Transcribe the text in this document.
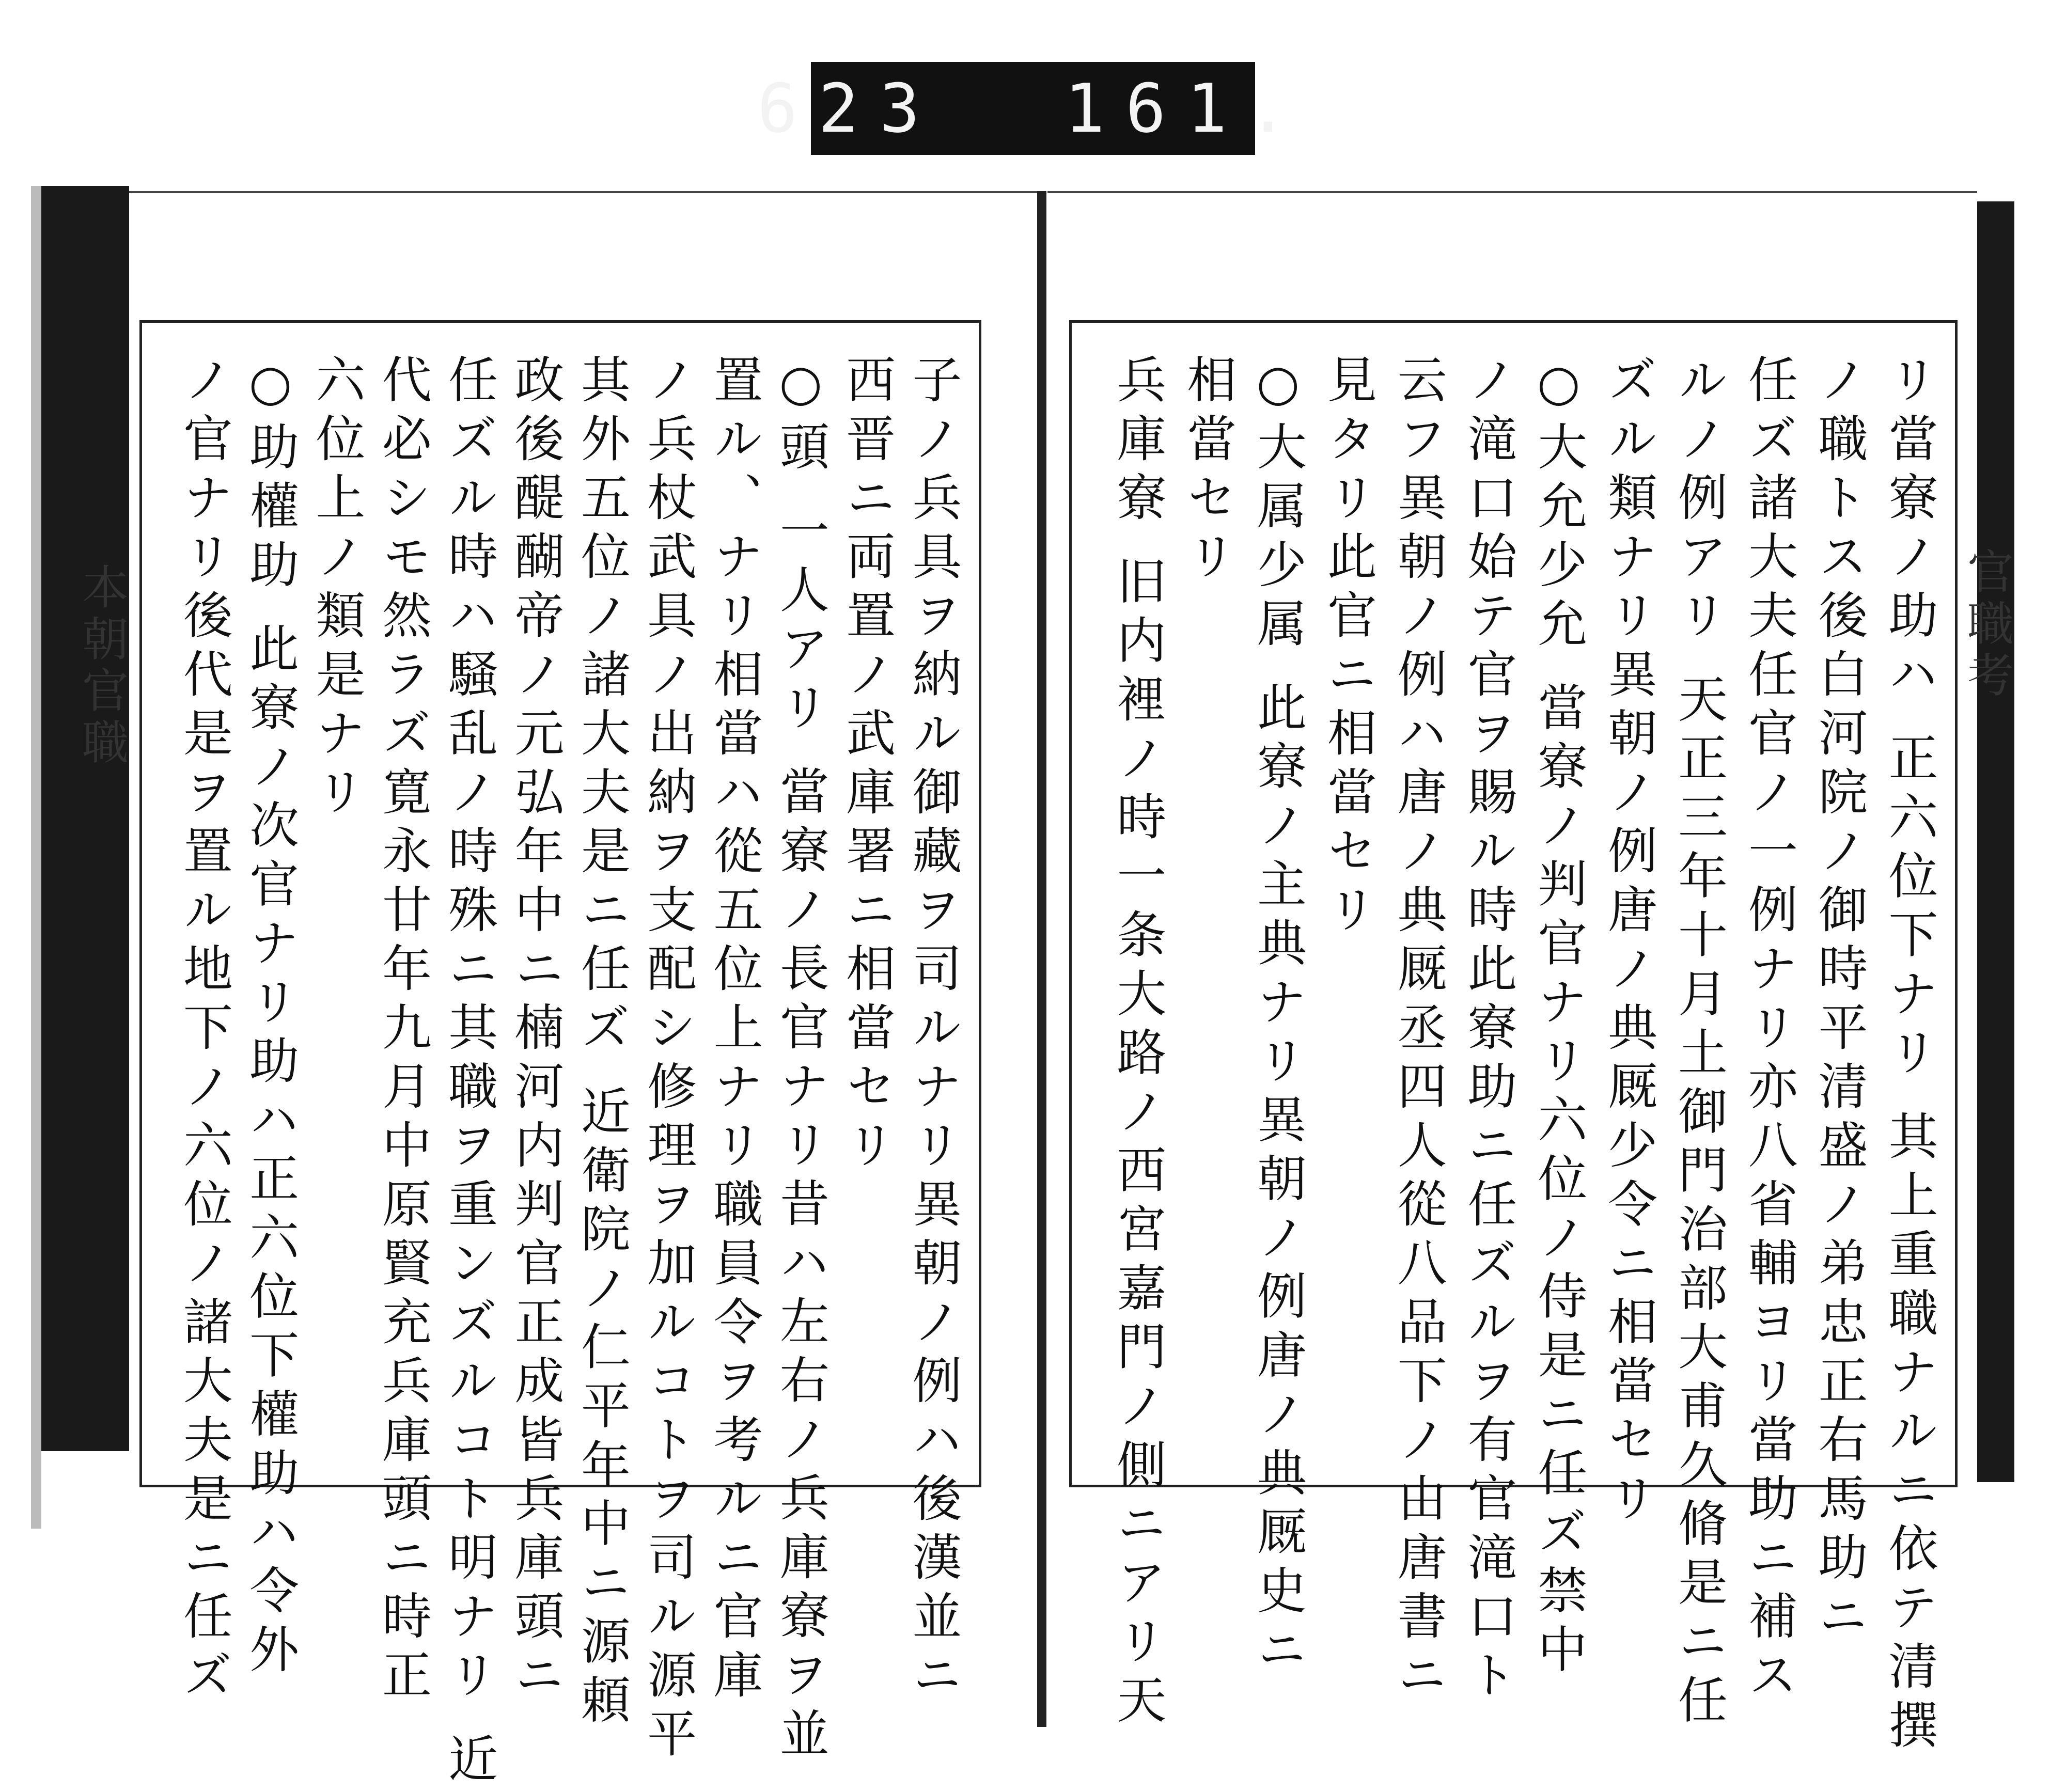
623 161.
本朝官職	官職考
子ノ兵具ヲ納ル御藏ヲ司ルナリ異朝ノ例ハ後漢並ニ
西晋ニ両置ノ武庫署ニ相當セリ
○頭 一人アリ 當寮ノ長官ナリ昔ハ左右ノ兵庫寮ヲ並
置ル、ナリ相當ハ從五位上ナリ職員令ヲ考ルニ官庫
ノ兵杖武具ノ出納ヲ支配シ修理ヲ加ルコトヲ司ル源平
其外五位ノ諸大夫是ニ任ズ 近衛院ノ仁平年中ニ源頼
政後醍醐帝ノ元弘年中ニ楠河内判官正成皆兵庫頭ニ
任ズル時ハ騒乱ノ時殊ニ其職ヲ重ンズルコト明ナリ 近
代必シモ然ラズ寛永廿年九月中原賢充兵庫頭ニ時正
六位上ノ類是ナリ
○助權助 此寮ノ次官ナリ助ハ正六位下權助ハ令外
ノ官ナリ後代是ヲ置ル地下ノ六位ノ諸大夫是ニ任ズ	リ當寮ノ助ハ 正六位下ナリ 其上重職ナルニ依テ清撰
ノ職トス後白河院ノ御時平清盛ノ弟忠正右馬助ニ
任ズ諸大夫任官ノ一例ナリ亦八省輔ヨリ當助ニ補ス
ルノ例アリ 天正三年十月土御門治部大甫久脩是ニ任
ズル類ナリ異朝ノ例唐ノ典厩少令ニ相當セリ
○大允少允 當寮ノ判官ナリ六位ノ侍是ニ任ズ禁中
ノ滝口始テ官ヲ賜ル時此寮助ニ任ズルヲ有官滝口ト
云フ異朝ノ例ハ唐ノ典厩丞四人從八品下ノ由唐書ニ
見タリ此官ニ相當セリ
○大属少属 此寮ノ主典ナリ異朝ノ例唐ノ典厩史ニ
相當セリ
兵庫寮 旧内裡ノ時一条大路ノ西宮嘉門ノ側ニアリ天
